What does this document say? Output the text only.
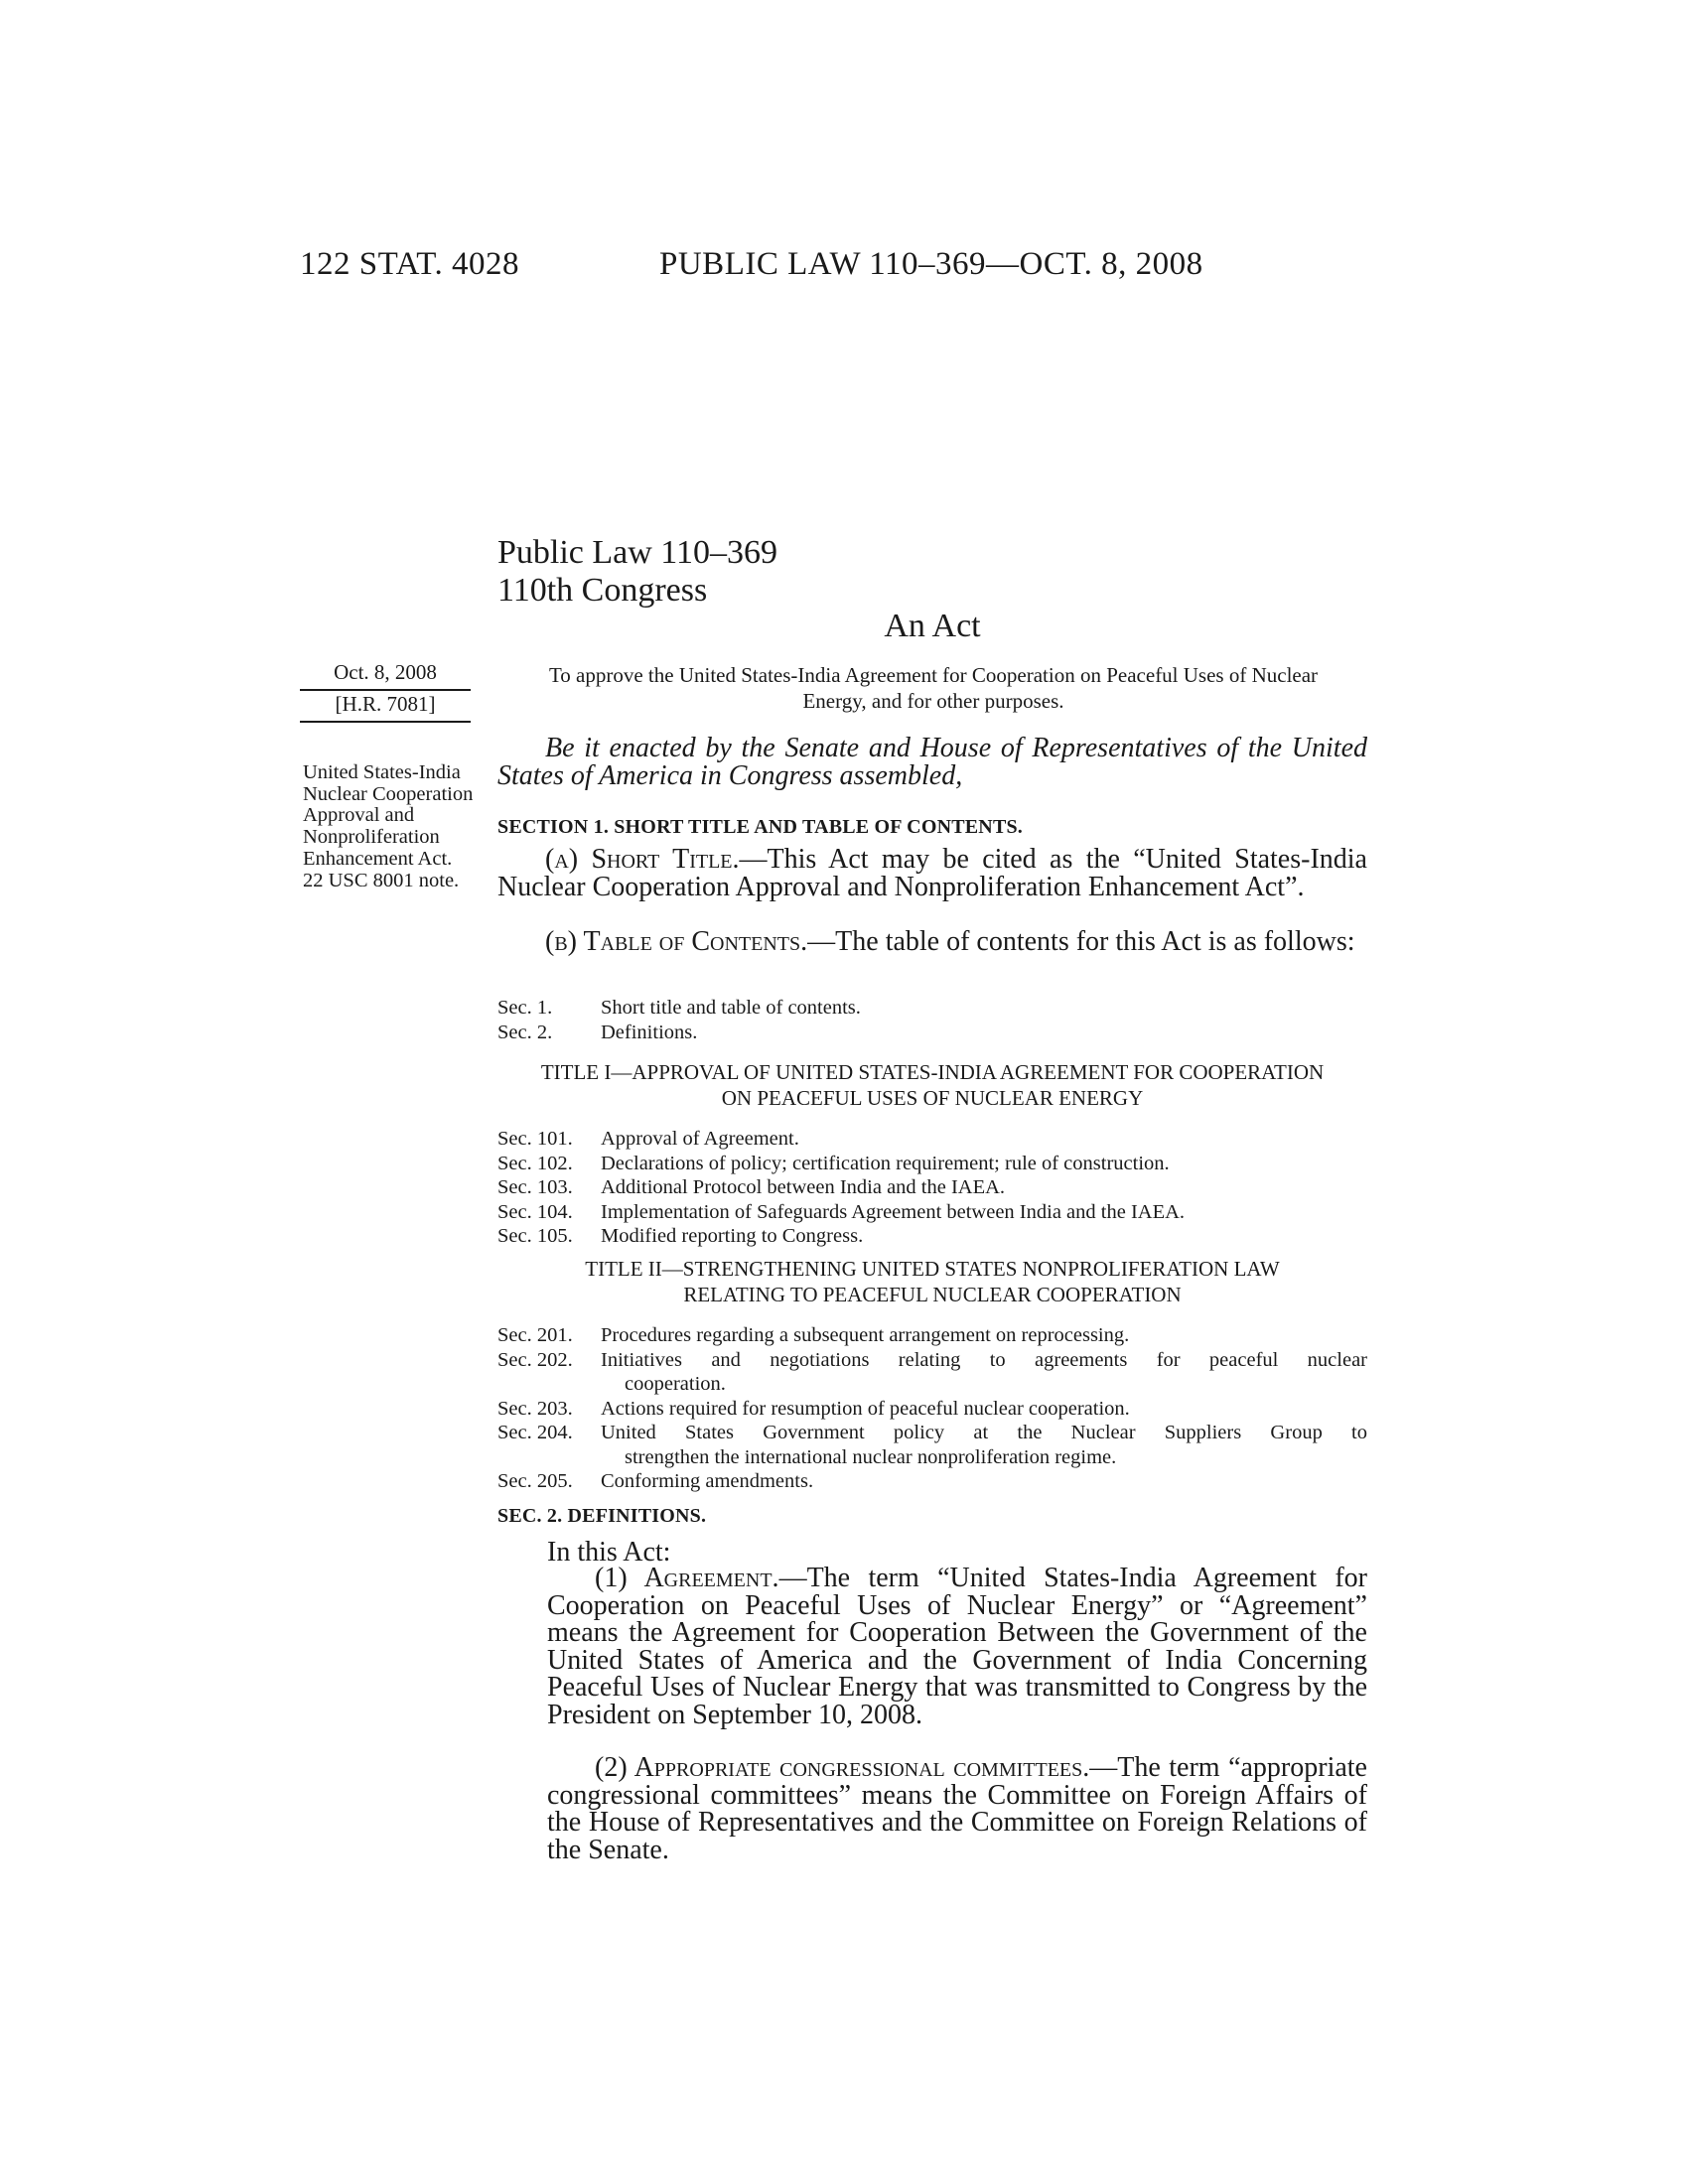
122 STAT. 4028	PUBLIC LAW 110–369—OCT. 8, 2008
Public Law 110–369
110th Congress
An Act
Oct. 8, 2008
[H.R. 7081]
United States-India Nuclear Cooperation Approval and Nonproliferation Enhancement Act.
22 USC 8001 note.
To approve the United States-India Agreement for Cooperation on Peaceful Uses of Nuclear Energy, and for other purposes.
Be it enacted by the Senate and House of Representatives of the United States of America in Congress assembled,
SECTION 1. SHORT TITLE AND TABLE OF CONTENTS.
(a) Short Title.—This Act may be cited as the “United States-India Nuclear Cooperation Approval and Nonproliferation Enhancement Act”.
(b) Table of Contents.—The table of contents for this Act is as follows:
Sec. 1.	Short title and table of contents.
Sec. 2.	Definitions.
TITLE I—APPROVAL OF UNITED STATES-INDIA AGREEMENT FOR COOPERATION ON PEACEFUL USES OF NUCLEAR ENERGY
Sec. 101.	Approval of Agreement.
Sec. 102.	Declarations of policy; certification requirement; rule of construction.
Sec. 103.	Additional Protocol between India and the IAEA.
Sec. 104.	Implementation of Safeguards Agreement between India and the IAEA.
Sec. 105.	Modified reporting to Congress.
TITLE II—STRENGTHENING UNITED STATES NONPROLIFERATION LAW RELATING TO PEACEFUL NUCLEAR COOPERATION
Sec. 201.	Procedures regarding a subsequent arrangement on reprocessing.
Sec. 202.	Initiatives and negotiations relating to agreements for peaceful nuclear
cooperation.
Sec. 203.	Actions required for resumption of peaceful nuclear cooperation.
Sec. 204.	United States Government policy at the Nuclear Suppliers Group to
strengthen the international nuclear nonproliferation regime.
Sec. 205.	Conforming amendments.
SEC. 2. DEFINITIONS.
In this Act:
(1) Agreement.—The term “United States-India Agreement for Cooperation on Peaceful Uses of Nuclear Energy” or “Agreement” means the Agreement for Cooperation Between the Government of the United States of America and the Government of India Concerning Peaceful Uses of Nuclear Energy that was transmitted to Congress by the President on September 10, 2008.
(2) Appropriate congressional committees.—The term “appropriate congressional committees” means the Committee on Foreign Affairs of the House of Representatives and the Committee on Foreign Relations of the Senate.
